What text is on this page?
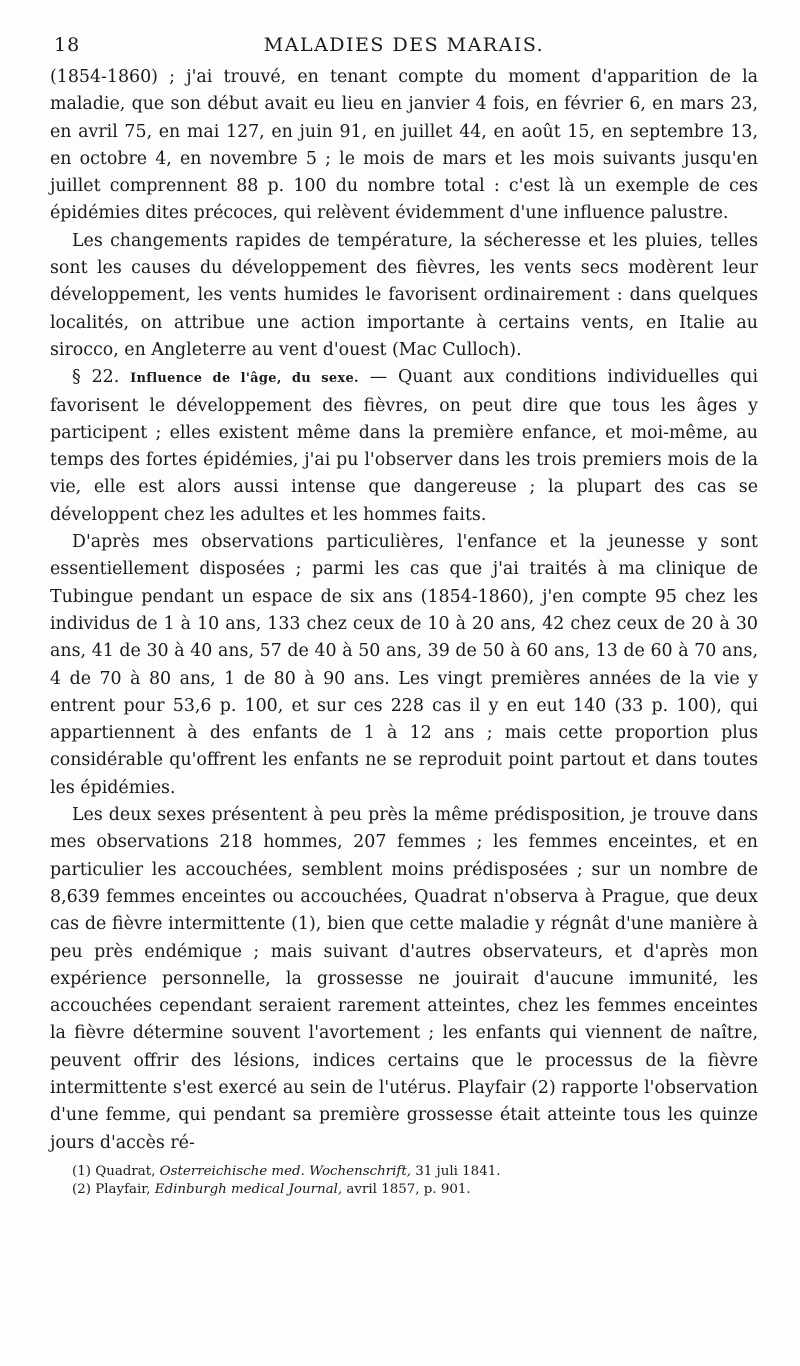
18	MALADIES DES MARAIS.

(1854-1860) ; j'ai trouvé, en tenant compte du moment d'apparition de la maladie, que son début avait eu lieu en janvier 4 fois, en février 6, en mars 23, en avril 75, en mai 127, en juin 91, en juillet 44, en août 15, en septembre 13, en octobre 4, en novembre 5 ; le mois de mars et les mois suivants jusqu'en juillet comprennent 88 p. 100 du nombre total : c'est là un exemple de ces épidémies dites précoces, qui relèvent évidemment d'une influence palustre.

Les changements rapides de température, la sécheresse et les pluies, telles sont les causes du développement des fièvres, les vents secs modèrent leur développement, les vents humides le favorisent ordinairement : dans quelques localités, on attribue une action importante à certains vents, en Italie au sirocco, en Angleterre au vent d'ouest (Mac Culloch).

§ 22. Influence de l'âge, du sexe. — Quant aux conditions individuelles qui favorisent le développement des fièvres, on peut dire que tous les âges y participent ; elles existent même dans la première enfance, et moi-même, au temps des fortes épidémies, j'ai pu l'observer dans les trois premiers mois de la vie, elle est alors aussi intense que dangereuse ; la plupart des cas se développent chez les adultes et les hommes faits.

D'après mes observations particulières, l'enfance et la jeunesse y sont essentiellement disposées ; parmi les cas que j'ai traités à ma clinique de Tubingue pendant un espace de six ans (1854-1860), j'en compte 95 chez les individus de 1 à 10 ans, 133 chez ceux de 10 à 20 ans, 42 chez ceux de 20 à 30 ans, 41 de 30 à 40 ans, 57 de 40 à 50 ans, 39 de 50 à 60 ans, 13 de 60 à 70 ans, 4 de 70 à 80 ans, 1 de 80 à 90 ans. Les vingt premières années de la vie y entrent pour 53,6 p. 100, et sur ces 228 cas il y en eut 140 (33 p. 100), qui appartiennent à des enfants de 1 à 12 ans ; mais cette proportion plus considérable qu'offrent les enfants ne se reproduit point partout et dans toutes les épidémies.

Les deux sexes présentent à peu près la même prédisposition, je trouve dans mes observations 218 hommes, 207 femmes ; les femmes enceintes, et en particulier les accouchées, semblent moins prédisposées ; sur un nombre de 8,639 femmes enceintes ou accouchées, Quadrat n'observa à Prague, que deux cas de fièvre intermittente (1), bien que cette maladie y régnât d'une manière à peu près endémique ; mais suivant d'autres observateurs, et d'après mon expérience personnelle, la grossesse ne jouirait d'aucune immunité, les accouchées cependant seraient rarement atteintes, chez les femmes enceintes la fièvre détermine souvent l'avortement ; les enfants qui viennent de naître, peuvent offrir des lésions, indices certains que le processus de la fièvre intermittente s'est exercé au sein de l'utérus. Playfair (2) rapporte l'observation d'une femme, qui pendant sa première grossesse était atteinte tous les quinze jours d'accès ré-

(1) Quadrat, Osterreichische med. Wochenschrift, 31 juli 1841.

(2) Playfair, Edinburgh medical Journal, avril 1857, p. 901.
